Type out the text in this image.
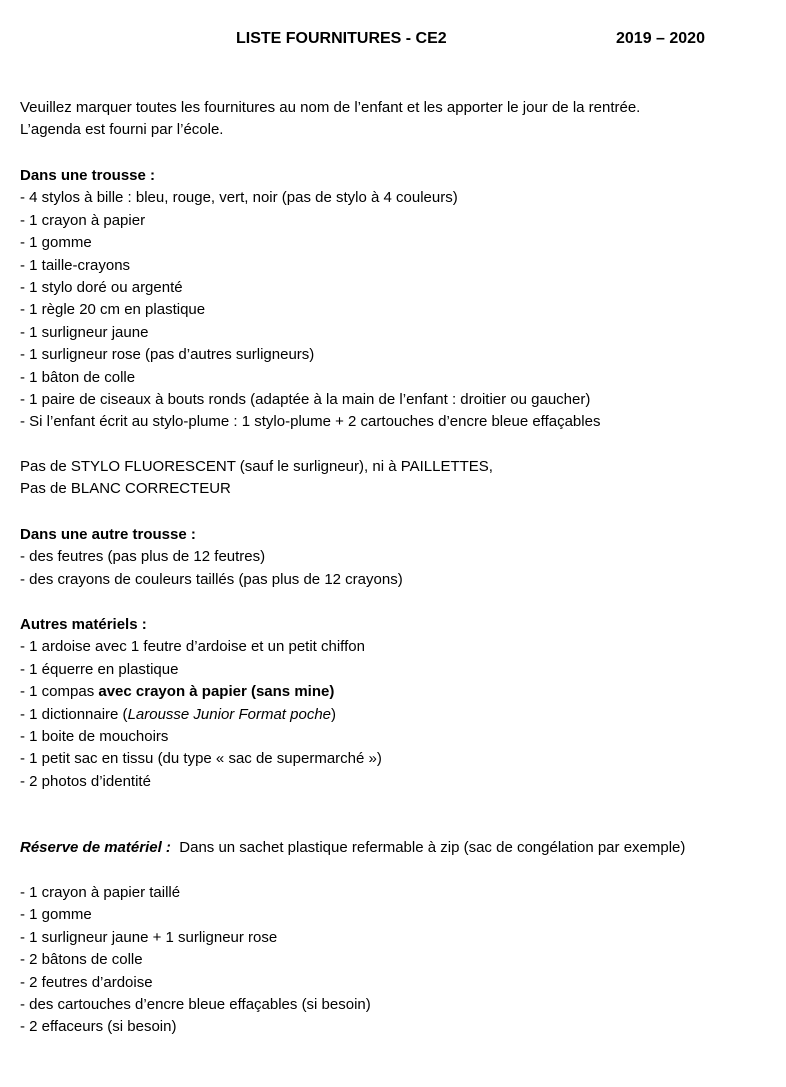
LISTE FOURNITURES - CE2	2019 – 2020
Veuillez marquer toutes les fournitures au nom de l’enfant et les apporter le jour de la rentrée.
L’agenda est fourni par l’école.
Dans une trousse :
- 4 stylos à bille : bleu, rouge, vert, noir (pas de stylo à 4 couleurs)
- 1 crayon à papier
- 1 gomme
- 1 taille-crayons
- 1 stylo doré ou argenté
- 1 règle 20 cm en plastique
- 1 surligneur jaune
- 1 surligneur rose (pas d’autres surligneurs)
- 1 bâton de colle
- 1 paire de ciseaux à bouts ronds (adaptée à la main de l’enfant : droitier ou gaucher)
- Si l’enfant écrit au stylo-plume : 1 stylo-plume + 2 cartouches d’encre bleue effaçables
Pas de STYLO FLUORESCENT (sauf le surligneur), ni à PAILLETTES,
Pas de BLANC CORRECTEUR
Dans une autre trousse :
- des feutres (pas plus de 12 feutres)
- des crayons de couleurs taillés (pas plus de 12 crayons)
Autres matériels :
- 1 ardoise avec 1 feutre d’ardoise et un petit chiffon
- 1 équerre en plastique
- 1 compas avec crayon à papier (sans mine)
- 1 dictionnaire (Larousse Junior Format poche)
- 1 boite de mouchoirs
- 1 petit sac en tissu (du type « sac de supermarché »)
- 2 photos d’identité
Réserve de matériel : Dans un sachet plastique refermable à zip (sac de congélation par exemple)
- 1 crayon à papier taillé
- 1 gomme
- 1 surligneur jaune + 1 surligneur rose
- 2 bâtons de colle
- 2 feutres d’ardoise
- des cartouches d’encre bleue effaçables (si besoin)
- 2 effaceurs (si besoin)
